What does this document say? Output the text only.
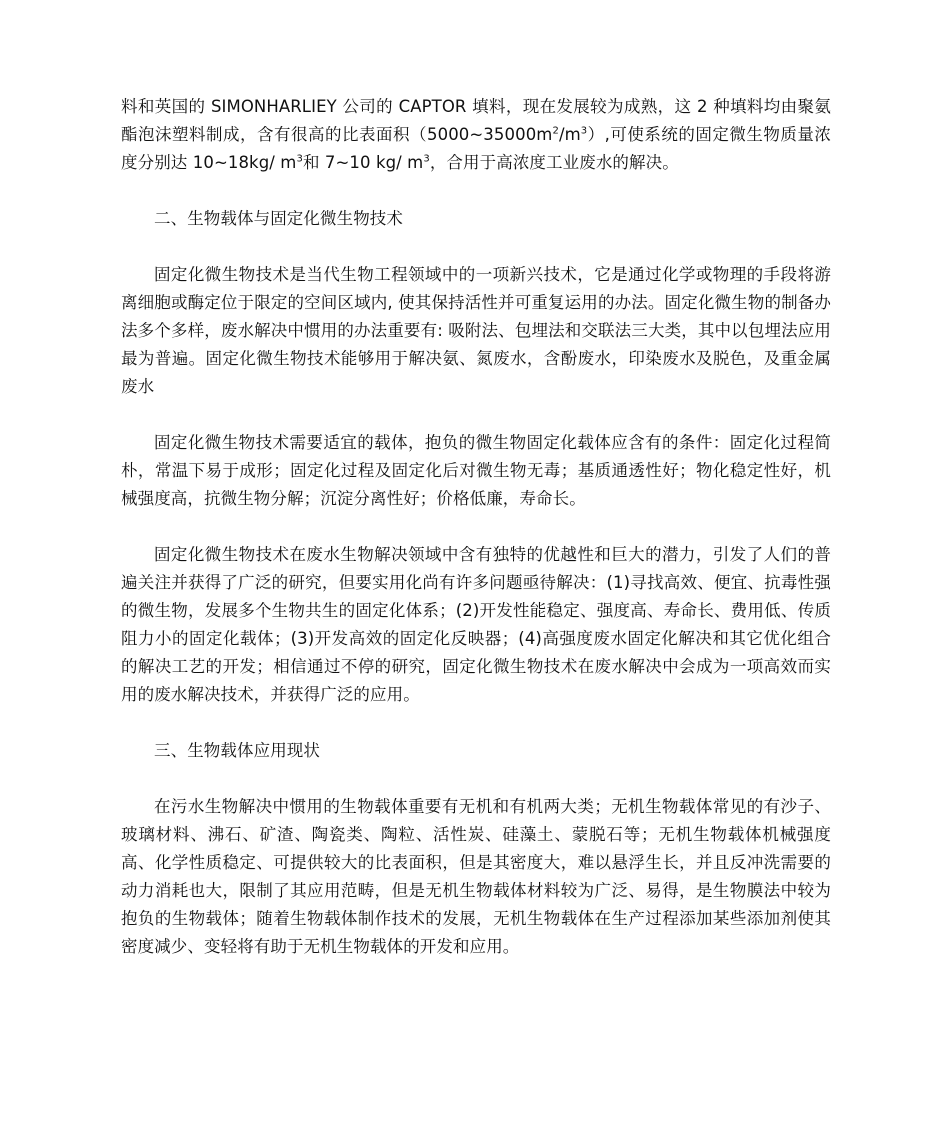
料和英国的 SIMONHARLIEY 公司的 CAPTOR 填料，现在发展较为成熟，这 2 种填料均由聚氨酯泡沫塑料制成，含有很高的比表面积$(5000\sim 35000m^2/m^3)$,可使系统的固定微生物质量浓度分别达 10~18kg/ $m^3$和 7~10 kg/ $m^3$，合用于高浓度工业废水的解决。

二、生物载体与固定化微生物技术

固定化微生物技术是当代生物工程领域中的一项新兴技术，它是通过化学或物理的手段将游离细胞或酶定位于限定的空间区域内, 使其保持活性并可重复运用的办法。固定化微生物的制备办法多个多样，废水解决中惯用的办法重要有: 吸附法、包埋法和交联法三大类，其中以包埋法应用最为普遍。固定化微生物技术能够用于解决氨、氮废水，含酚废水，印染废水及脱色，及重金属废水

固定化微生物技术需要适宜的载体，抱负的微生物固定化载体应含有的条件：固定化过程简朴，常温下易于成形；固定化过程及固定化后对微生物无毒；基质通透性好；物化稳定性好，机械强度高，抗微生物分解；沉淀分离性好；价格低廉，寿命长。

固定化微生物技术在废水生物解决领域中含有独特的优越性和巨大的潜力，引发了人们的普遍关注并获得了广泛的研究，但要实用化尚有许多问题亟待解决：(1)寻找高效、便宜、抗毒性强的微生物，发展多个生物共生的固定化体系；(2)开发性能稳定、强度高、寿命长、费用低、传质阻力小的固定化载体；(3)开发高效的固定化反映器；(4)高强度废水固定化解决和其它优化组合的解决工艺的开发；相信通过不停的研究，固定化微生物技术在废水解决中会成为一项高效而实用的废水解决技术，并获得广泛的应用。

三、生物载体应用现状

在污水生物解决中惯用的生物载体重要有无机和有机两大类；无机生物载体常见的有沙子、玻璃材料、沸石、矿渣、陶瓷类、陶粒、活性炭、硅藻土、蒙脱石等；无机生物载体机械强度高、化学性质稳定、可提供较大的比表面积，但是其密度大，难以悬浮生长，并且反冲洗需要的动力消耗也大，限制了其应用范畴，但是无机生物载体材料较为广泛、易得，是生物膜法中较为抱负的生物载体；随着生物载体制作技术的发展，无机生物载体在生产过程添加某些添加剂使其密度减少、变轻将有助于无机生物载体的开发和应用。
